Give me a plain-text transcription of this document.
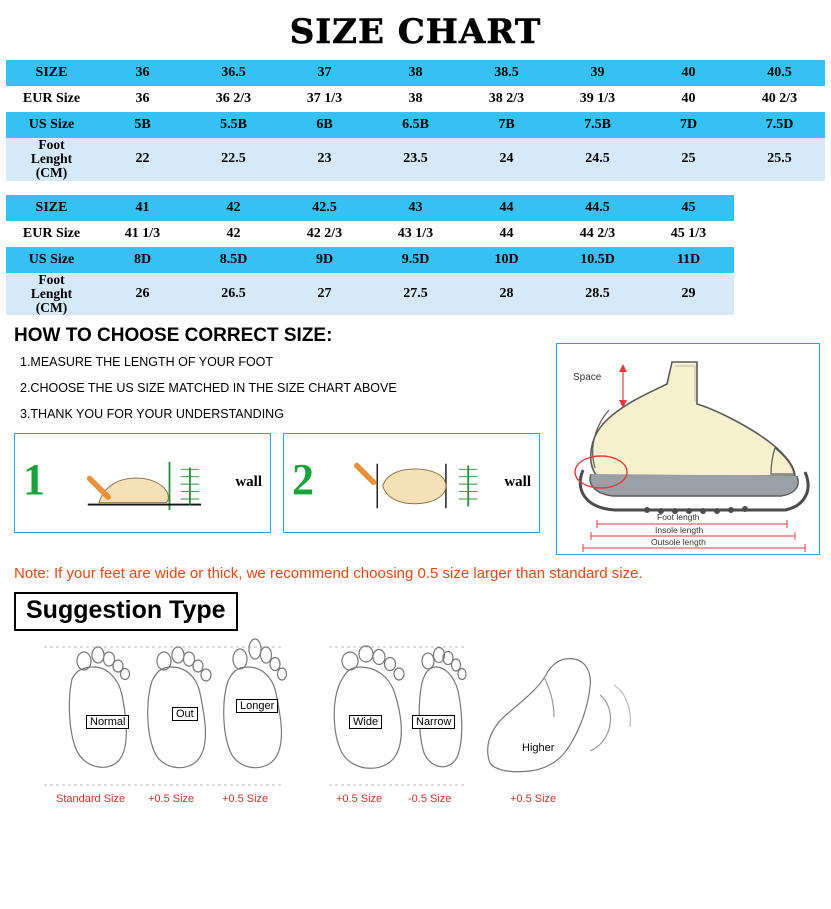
SIZE CHART
SIZE	36	36.5	37	38	38.5	39	40	40.5
EUR Size	36	36 2/3	37 1/3	38	38 2/3	39 1/3	40	40 2/3
US Size	5B	5.5B	6B	6.5B	7B	7.5B	7D	7.5D

Foot
Lenght
(CM)	22	22.5	23	23.5	24	24.5	25	25.5
SIZE	41	42	42.5	43	44	44.5	45	
EUR Size	41 1/3	42	42 2/3	43 1/3	44	44 2/3	45 1/3	
US Size	8D	8.5D	9D	9.5D	10D	10.5D	11D	

Foot
Lenght
(CM)	26	26.5	27	27.5	28	28.5	29	
HOW TO CHOOSE CORRECT SIZE:

1.MEASURE THE LENGTH OF YOUR FOOT

2.CHOOSE THE US SIZE MATCHED IN THE SIZE CHART ABOVE

3.THANK YOU FOR YOUR UNDERSTANDING

1	wall 2	wall
Space
Foot length
Insole length
Outsole length
Note: If your feet are wide or thick, we recommend choosing 0.5 size larger than standard size.
Suggestion Type
Normal
Out
Longer
Wide	Narrow
Higher
Standard Size +0.5 Size	+0.5 Size	+0.5 Size -0.5 Size	+0.5 Size
